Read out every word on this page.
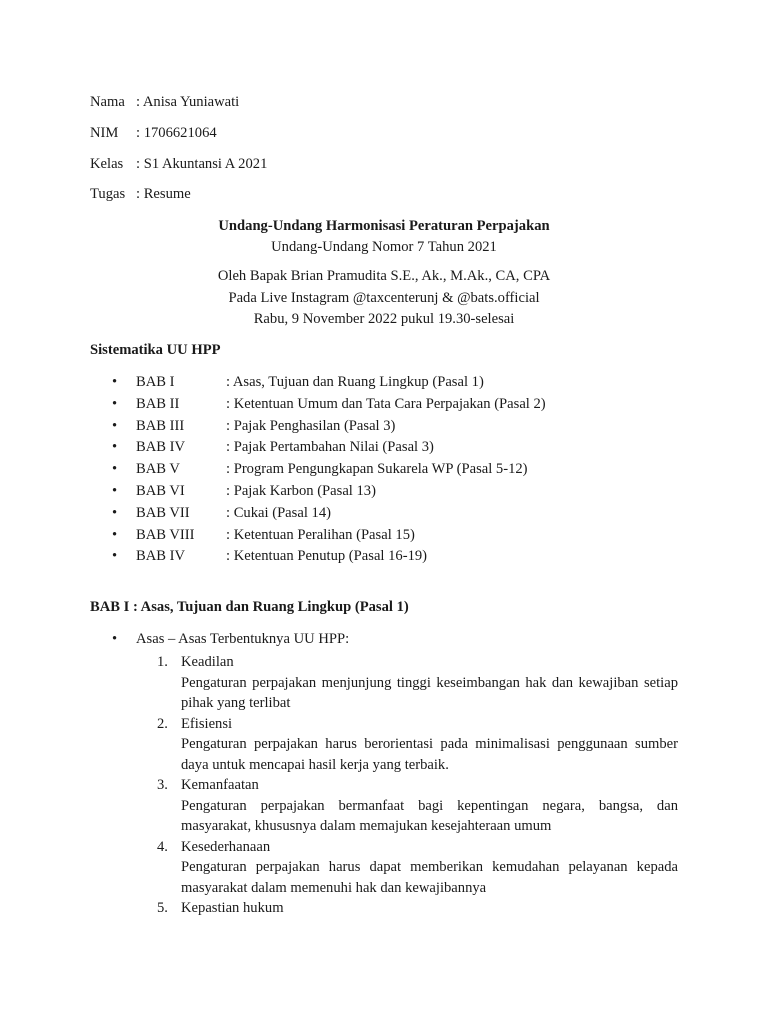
Nama : Anisa Yuniawati
NIM : 1706621064
Kelas : S1 Akuntansi A 2021
Tugas : Resume
Undang-Undang Harmonisasi Peraturan Perpajakan
Undang-Undang Nomor 7 Tahun 2021
Oleh Bapak Brian Pramudita S.E., Ak., M.Ak., CA, CPA
Pada Live Instagram @taxcenterunj & @bats.official
Rabu, 9 November 2022 pukul 19.30-selesai
Sistematika UU HPP
• BAB I	: Asas, Tujuan dan Ruang Lingkup (Pasal 1)
• BAB II	: Ketentuan Umum dan Tata Cara Perpajakan (Pasal 2)
• BAB III	: Pajak Penghasilan (Pasal 3)
• BAB IV	: Pajak Pertambahan Nilai (Pasal 3)
• BAB V	: Program Pengungkapan Sukarela WP (Pasal 5-12)
• BAB VI	: Pajak Karbon (Pasal 13)
• BAB VII : Cukai (Pasal 14)
• BAB VIII : Ketentuan Peralihan (Pasal 15)
• BAB IV	: Ketentuan Penutup (Pasal 16-19)
BAB I : Asas, Tujuan dan Ruang Lingkup (Pasal 1)
• Asas – Asas Terbentuknya UU HPP:
1. Keadilan
Pengaturan perpajakan menjunjung tinggi keseimbangan hak dan kewajiban setiap pihak yang terlibat
2. Efisiensi
Pengaturan perpajakan harus berorientasi pada minimalisasi penggunaan sumber daya untuk mencapai hasil kerja yang terbaik.
3. Kemanfaatan
Pengaturan perpajakan bermanfaat bagi kepentingan negara, bangsa, dan masyarakat, khususnya dalam memajukan kesejahteraan umum
4. Kesederhanaan
Pengaturan perpajakan harus dapat memberikan kemudahan pelayanan kepada masyarakat dalam memenuhi hak dan kewajibannya
5. Kepastian hukum
